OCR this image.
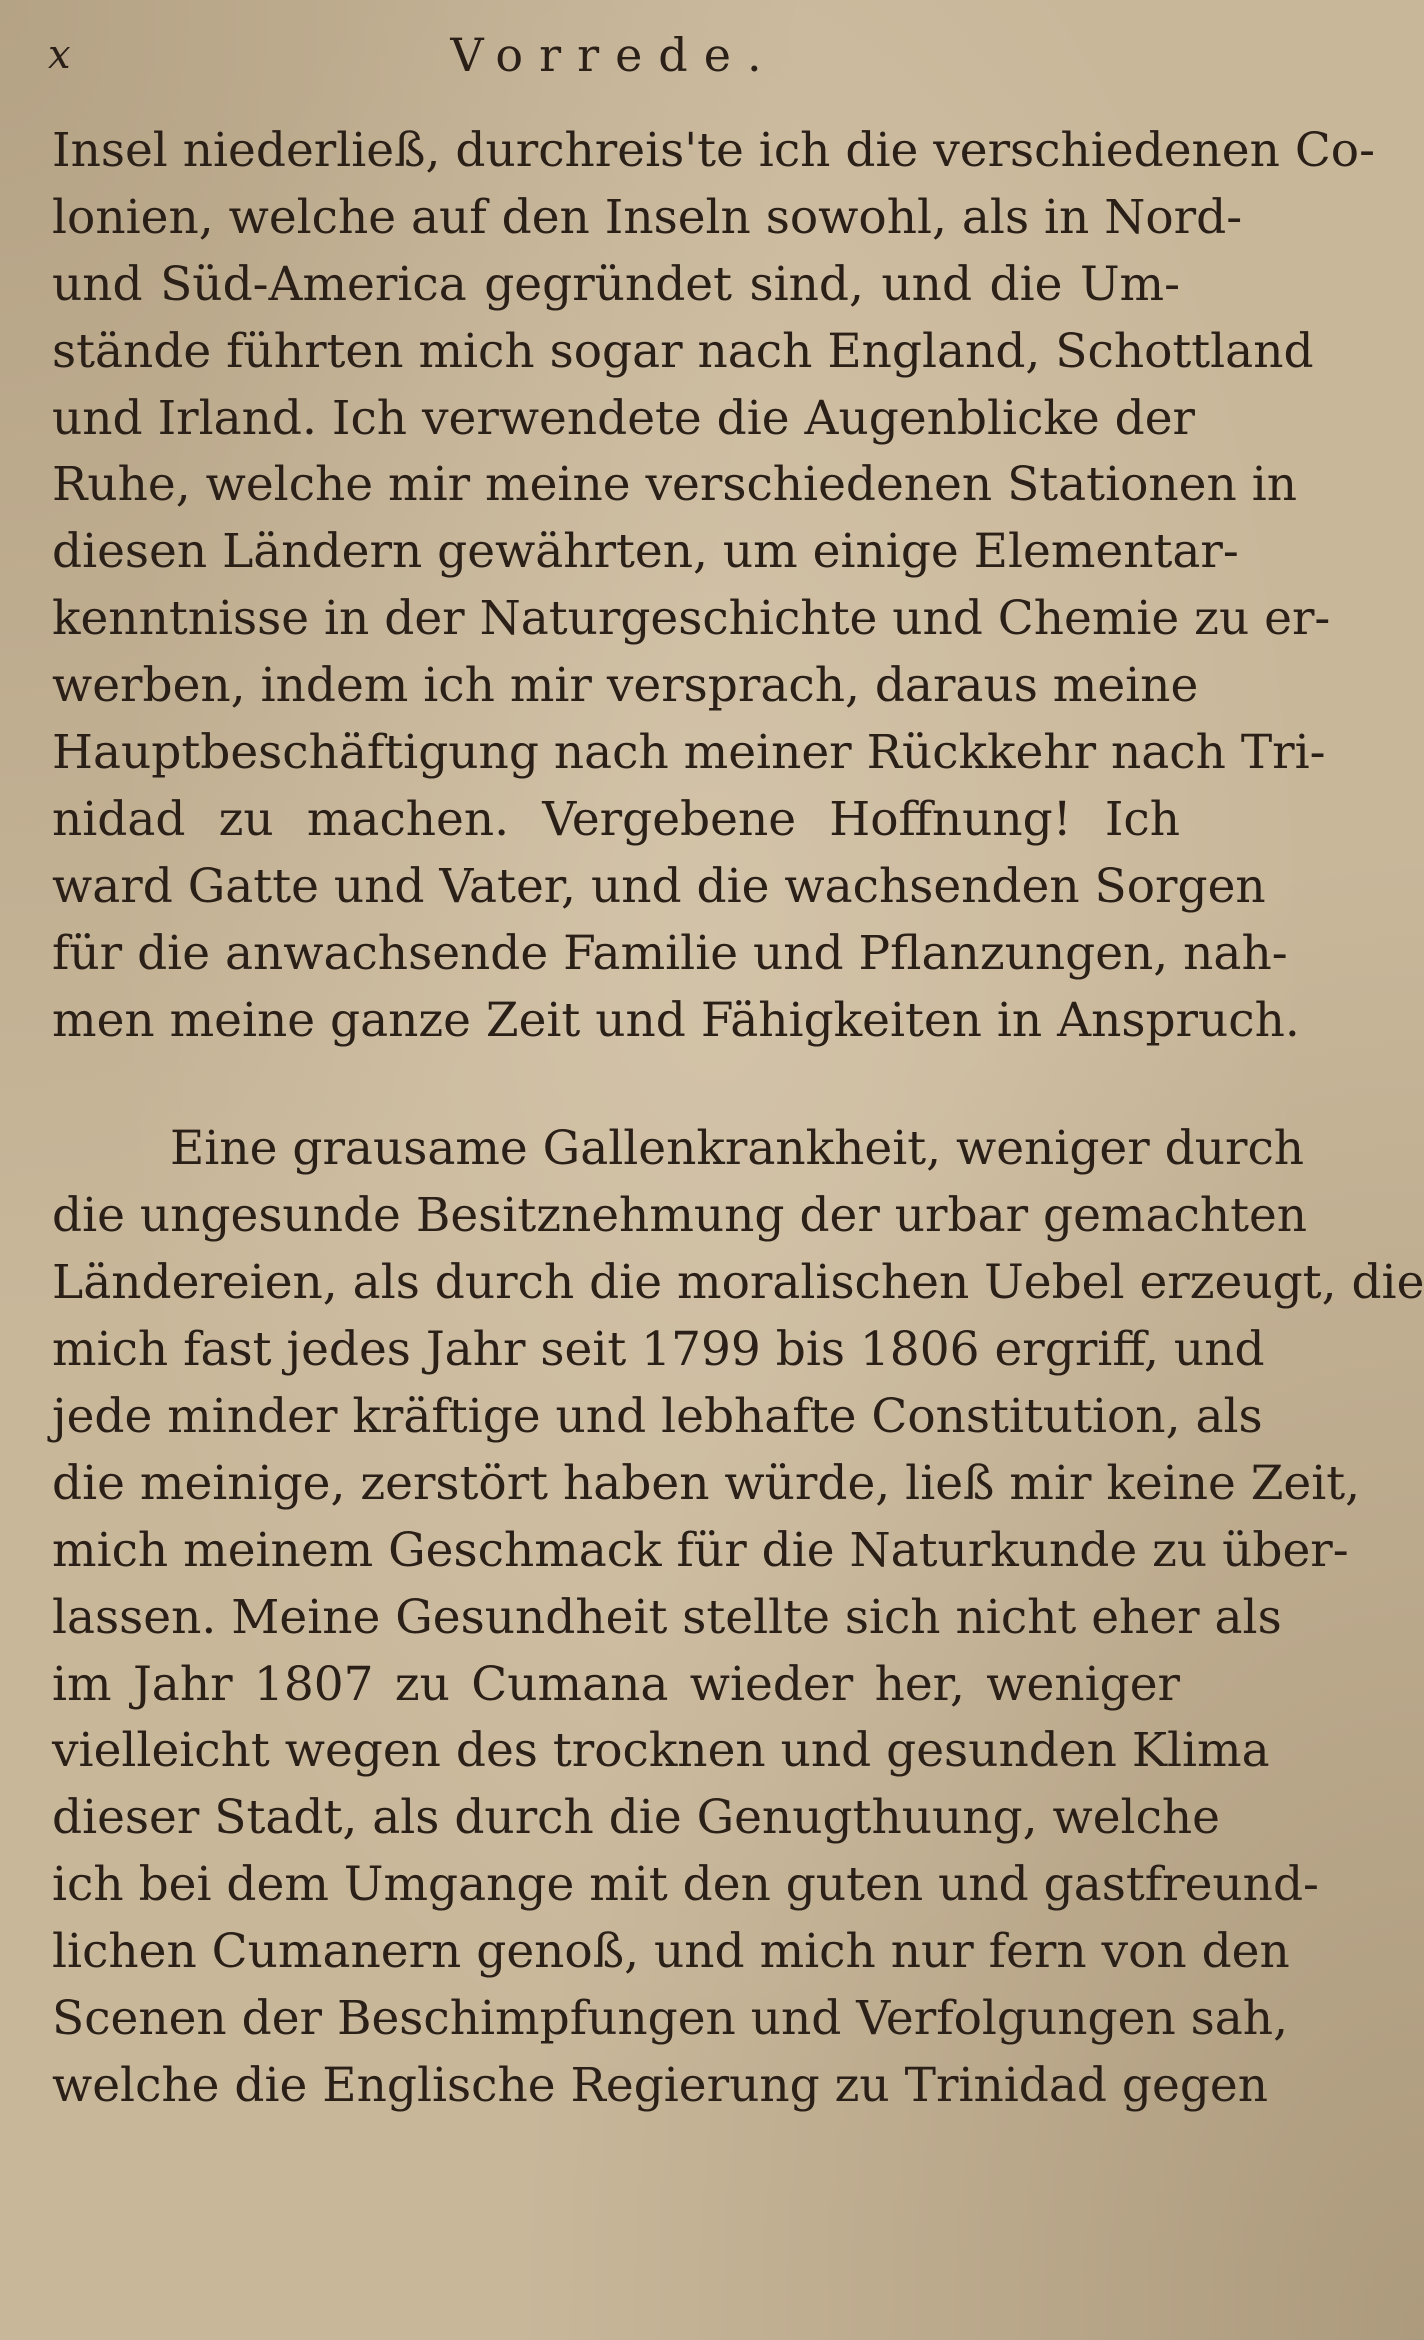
x	Vorrede.
Insel niederließ, durchreis'te ich die verschiedenen Co-
lonien, welche auf den Inseln sowohl, als in Nord-
und Süd-America gegründet sind, und die Um-
stände führten mich sogar nach England, Schottland
und Irland. Ich verwendete die Augenblicke der
Ruhe, welche mir meine verschiedenen Stationen in
diesen Ländern gewährten, um einige Elementar-
kenntnisse in der Naturgeschichte und Chemie zu er-
werben, indem ich mir versprach, daraus meine
Hauptbeschäftigung nach meiner Rückkehr nach Tri-
nidad zu machen. Vergebene Hoffnung! Ich
ward Gatte und Vater, und die wachsenden Sorgen
für die anwachsende Familie und Pflanzungen, nah-
men meine ganze Zeit und Fähigkeiten in Anspruch.
Eine grausame Gallenkrankheit, weniger durch
die ungesunde Besitznehmung der urbar gemachten
Ländereien, als durch die moralischen Uebel erzeugt, die
mich fast jedes Jahr seit 1799 bis 1806 ergriff, und
jede minder kräftige und lebhafte Constitution, als
die meinige, zerstört haben würde, ließ mir keine Zeit,
mich meinem Geschmack für die Naturkunde zu über-
lassen. Meine Gesundheit stellte sich nicht eher als
im Jahr 1807 zu Cumana wieder her, weniger
vielleicht wegen des trocknen und gesunden Klima
dieser Stadt, als durch die Genugthuung, welche
ich bei dem Umgange mit den guten und gastfreund-
lichen Cumanern genoß, und mich nur fern von den
Scenen der Beschimpfungen und Verfolgungen sah,
welche die Englische Regierung zu Trinidad gegen
